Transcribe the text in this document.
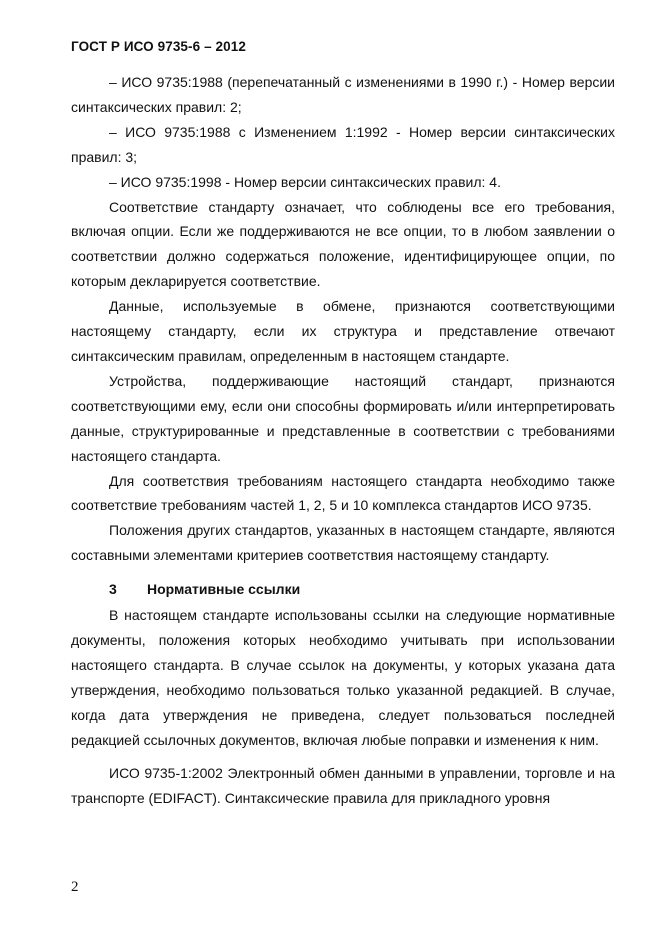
ГОСТ Р ИСО 9735-6 – 2012

– ИСО 9735:1988 (перепечатанный с изменениями в 1990 г.) - Номер версии синтаксических правил: 2;

– ИСО 9735:1988 с Изменением 1:1992 - Номер версии синтаксических правил: 3;

– ИСО 9735:1998 - Номер версии синтаксических правил: 4.

Соответствие стандарту означает, что соблюдены все его требования, включая опции. Если же поддерживаются не все опции, то в любом заявлении о соответствии должно содержаться положение, идентифицирующее опции, по которым декларируется соответствие.

Данные, используемые в обмене, признаются соответствующими настоящему стандарту, если их структура и представление отвечают синтаксическим правилам, определенным в настоящем стандарте.

Устройства, поддерживающие настоящий стандарт, признаются соответствующими ему, если они способны формировать и/или интерпретировать данные, структурированные и представленные в соответствии с требованиями настоящего стандарта.

Для соответствия требованиям настоящего стандарта необходимо также соответствие требованиям частей 1, 2, 5 и 10 комплекса стандартов ИСО 9735.

Положения других стандартов, указанных в настоящем стандарте, являются составными элементами критериев соответствия настоящему стандарту.

3 Нормативные ссылки

В настоящем стандарте использованы ссылки на следующие нормативные документы, положения которых необходимо учитывать при использовании настоящего стандарта. В случае ссылок на документы, у которых указана дата утверждения, необходимо пользоваться только указанной редакцией. В случае, когда дата утверждения не приведена, следует пользоваться последней редакцией ссылочных документов, включая любые поправки и изменения к ним.

ИСО 9735-1:2002 Электронный обмен данными в управлении, торговле и на транспорте (EDIFACT). Синтаксические правила для прикладного уровня

2
